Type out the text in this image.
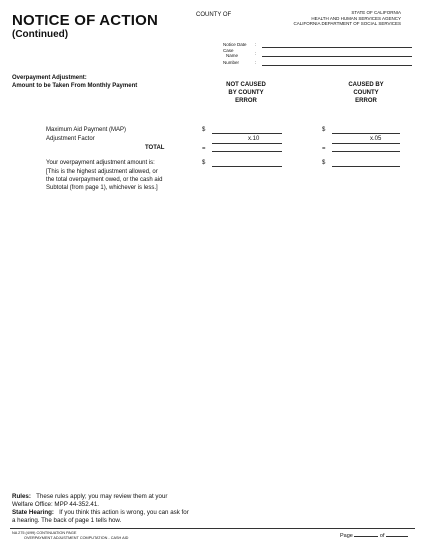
NOTICE OF ACTION
(Continued)
COUNTY OF	STATE OF CALIFORNIA
HEALTH AND HUMAN SERVICES AGENCY
CALIFORNIA DEPARTMENT OF SOCIAL SERVICES
Notice Date :
Case
Name	:
Number	:
Overpayment Adjustment:
Amount to be Taken From Monthly Payment	NOT CAUSED
BY COUNTY
ERROR
CAUSED BY
COUNTY
ERROR
Maximum Aid Payment (MAP)	$	$
Adjustment Factor	x.10	x.05
TOTAL	=	=
Your overpayment adjustment amount is:	$	$
[This is the highest adjustment allowed, or
the total overpayment owed, or the cash aid
Subtotal (from page 1), whichever is less.]
Rules: These rules apply; you may review them at your
Welfare Office: MPP 44-352.41.
State Hearing: If you think this action is wrong, you can ask for
a hearing. The back of page 1 tells how.
NA 275 (4/99) CONTINUATION PAGE
OVERPAYMENT ADJUSTMENT COMPUTATION - CASH AID	Page	of
